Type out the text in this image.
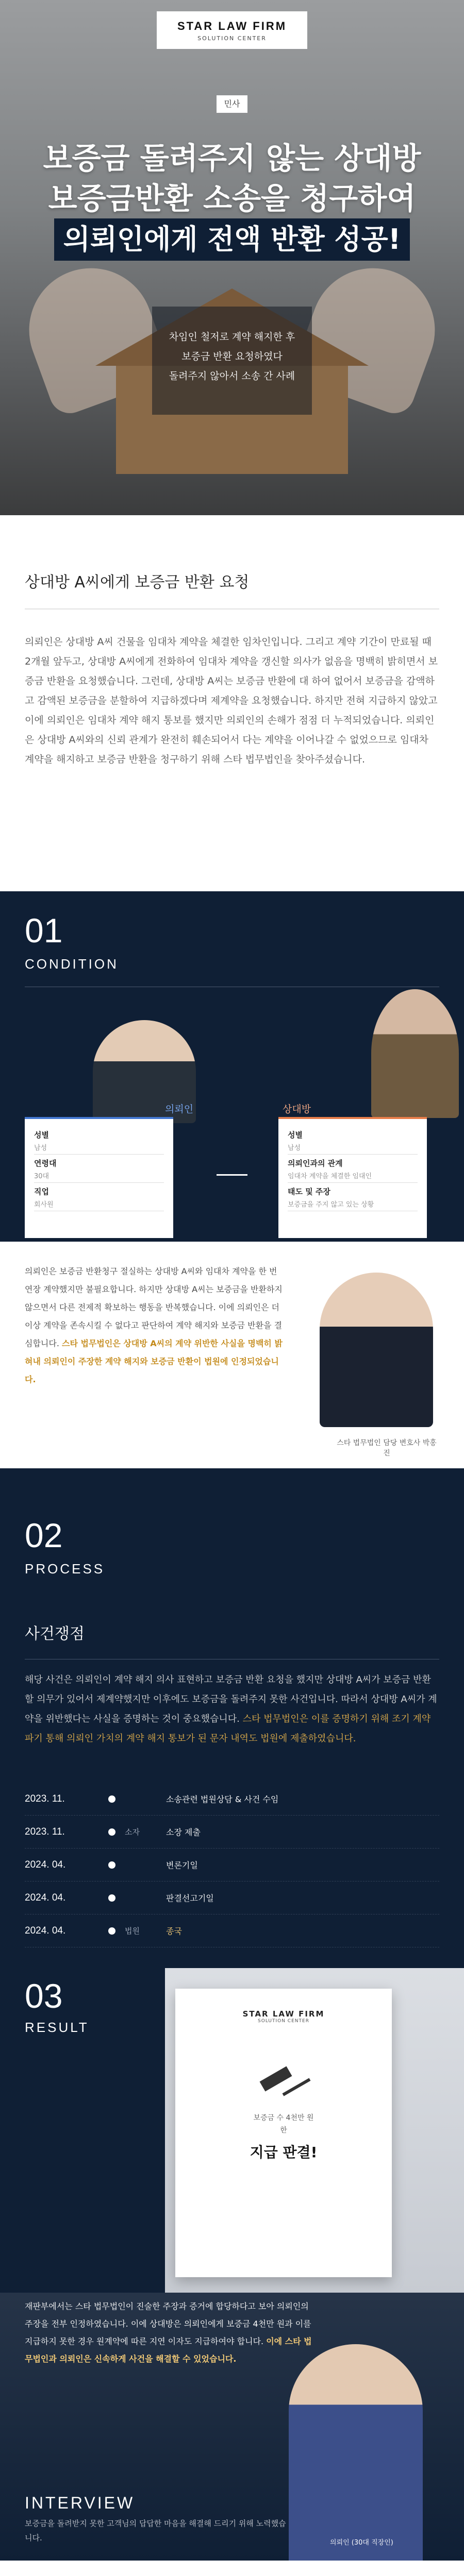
STAR LAW FIRM
SOLUTION CENTER
민사
보증금 돌려주지 않는 상대방
보증금반환 소송을 청구하여
의뢰인에게 전액 반환 성공!

차임인 철저로 계약 해지한 후

보증금 반환 요청하였다

돌려주지 않아서 소송 간 사례

상대방 A씨에게 보증금 반환 요청

의뢰인은 상대방 A씨 건물을 임대차 계약을 체결한 임차인입니다. 그리고 계약 기간이 만료될 때 2개월 앞두고, 상대방 A씨에게 전화하여 임대차 계약을 갱신할 의사가 없음을 명백히 밝히면서 보증금 반환을 요청했습니다. 그런데, 상대방 A씨는 보증금 반환에 대 하여 없어서 보증금을 감액하고 감액된 보증금을 분할하여 지급하겠다며 제계약을 요청했습니다. 하지만 전혀 지급하지 않았고 이에 의뢰인은 임대차 계약 해지 통보를 했지만 의뢰인의 손해가 점점 더 누적되었습니다. 의뢰인은 상대방 A씨와의 신뢰 관계가 완전히 훼손되어서 다는 계약을 이어나갈 수 없었으므로 임대차 계약을 해지하고 보증금 반환을 청구하기 위해 스타 법무법인을 찾아주셨습니다.

01
CONDITION
의뢰인	상대방
성별
남성
연령대
30대
직업
회사원
성별
남성
의뢰인과의 관계
임대차 계약을 체결한 임대인
태도 및 주장
보증금을 주지 않고 있는 상황

의뢰인은 보증금 반환청구 절실하는 상대방 A씨와 임대차 계약을 한 번 연장 계약했지만 불필요합니다. 하지만 상대방 A씨는 보증금을 반환하지 않으면서 다른 전제적 확보하는 행동을 반복했습니다. 이에 의뢰인은 더 이상 계약을 존속시킬 수 없다고 판단하여 계약 해지와 보증금 반환을 결심합니다. 스타 법무법인은 상대방 A씨의 계약 위반한 사실을 명백히 밝혀내 의뢰인이 주장한 계약 해지와 보증금 반환이 법원에 인정되었습니다.

스타 법무법인 담당 변호사 박홍진
02
PROCESS
사건쟁점

해당 사건은 의뢰인이 계약 해지 의사 표현하고 보증금 반환 요청을 했지만 상대방 A씨가 보증금 반환할 의무가 있어서 제계약했지만 이후에도 보증금을 돌려주지 못한 사건입니다. 따라서 상대방 A씨가 계약을 위반했다는 사실을 증명하는 것이 중요했습니다. 스타 법무법인은 이를 증명하기 위해 조기 계약파기 통해 의뢰인 가치의 계약 해지 통보가 된 문자 내역도 법원에 제출하였습니다.

2023. 11.	소송관련 법원상담 & 사건 수임
2023. 11.	소자	소장 제출
2024. 04.	변론기일
2024. 04.	판결선고기일
2024. 04.	법원	종국
03
RESULT
STAR LAW FIRM
SOLUTION CENTER
보증금 수 4천만 원
한
지급 판결!

재판부에서는 스타 법무법인이 진술한 주장과 증거에 합당하다고 보아 의뢰인의 주장을 전부 인정하였습니다. 이에 상대방은 의뢰인에게 보증금 4천만 원과 이를 지급하지 못한 경우 원계약에 따른 지연 이자도 지급하여야 합니다. 이에 스타 법무법인과 의뢰인은 신속하게 사건을 해결할 수 있었습니다.

의뢰인 (30대 직장인)
INTERVIEW
보증금을 돌려받지 못한 고객님의 답답한 마음을 해결해 드리기 위해 노력했습니다.
